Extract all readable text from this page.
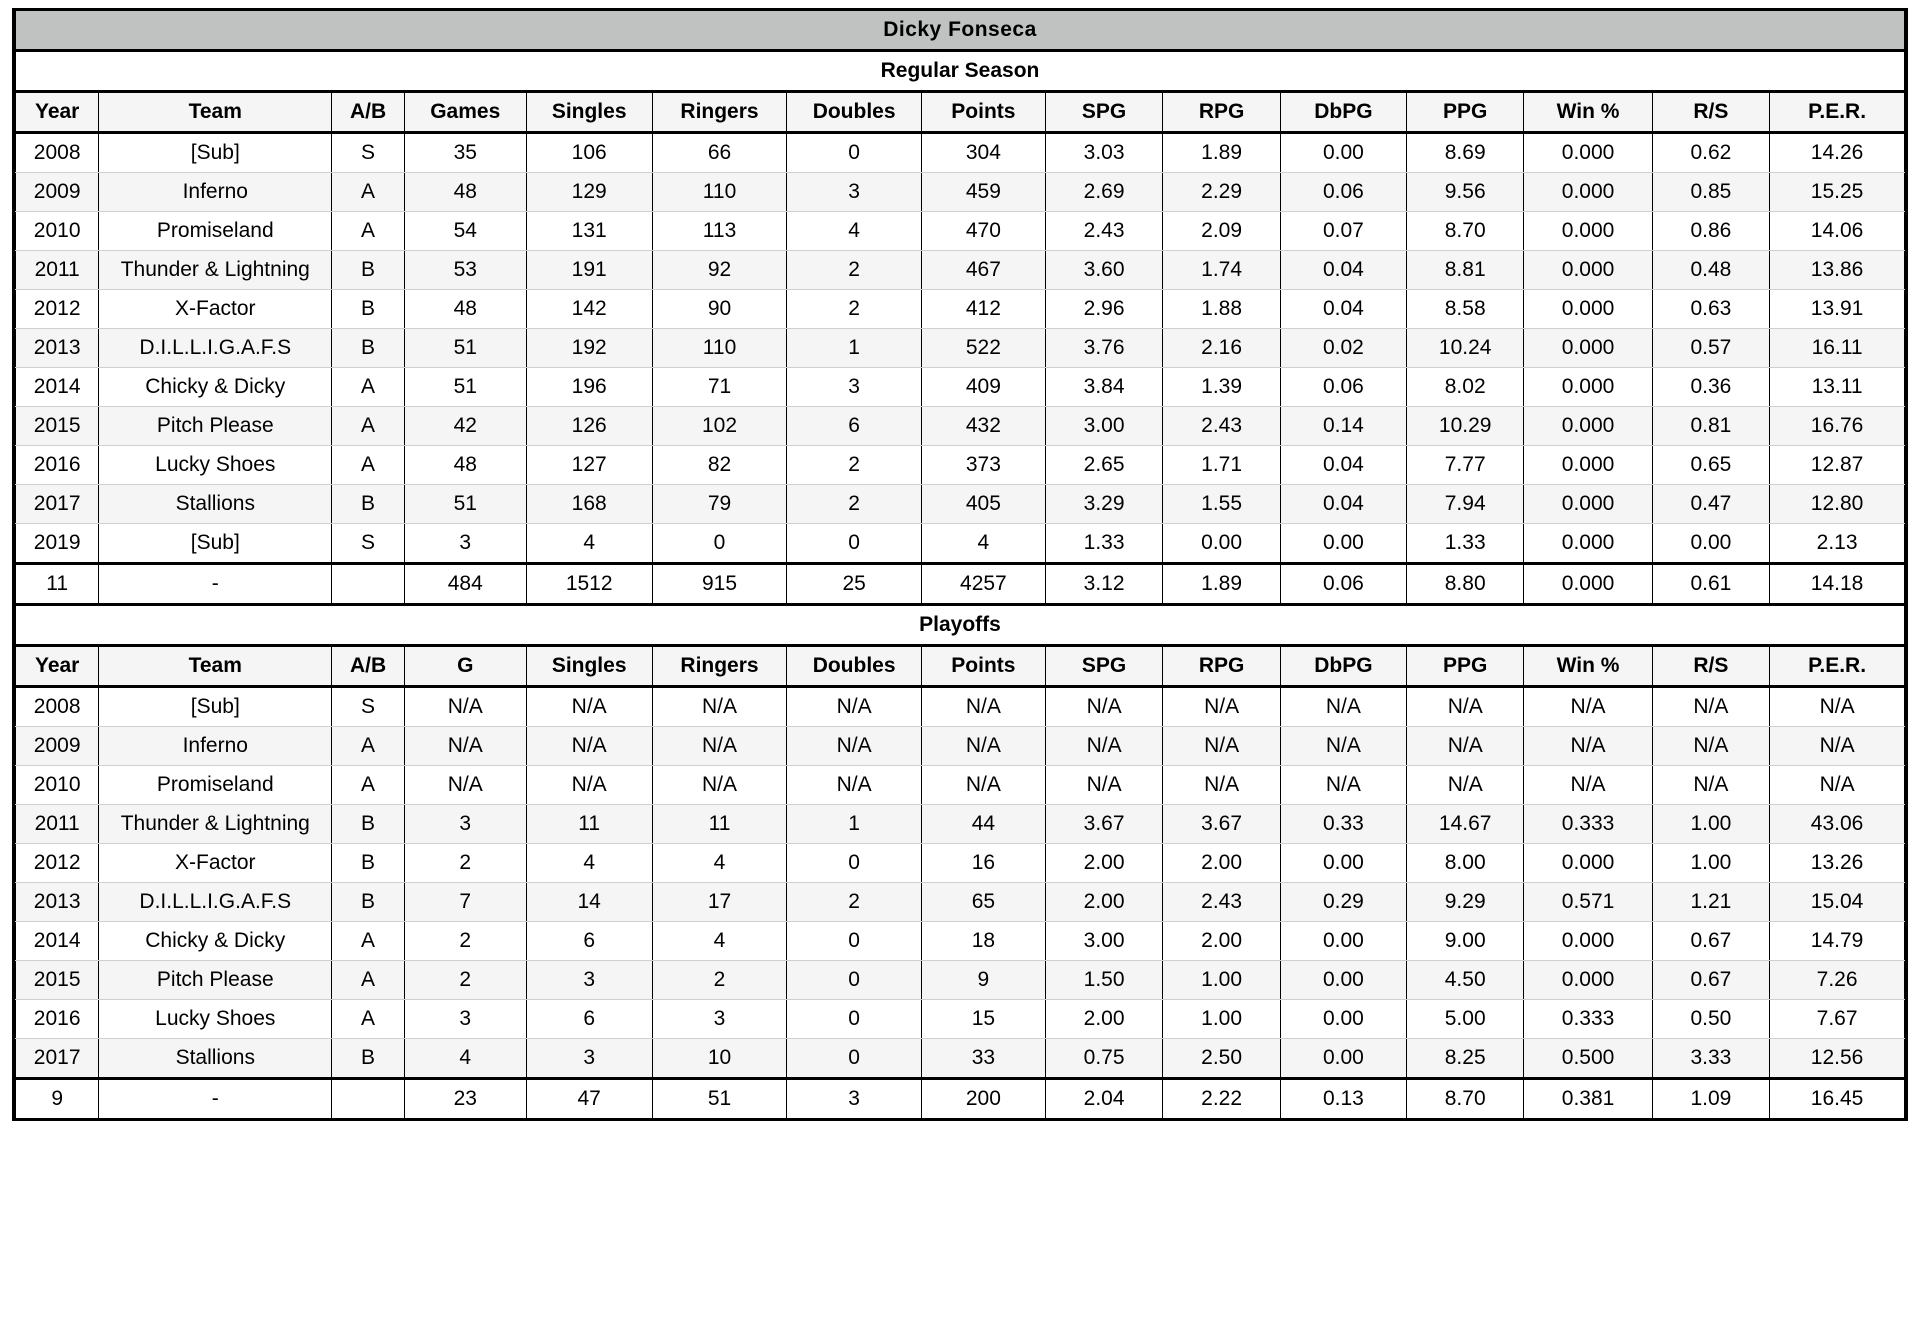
Dicky Fonseca														
Regular Season														
Year	Team	A/B	Games	Singles	Ringers	Doubles	Points	SPG	RPG	DbPG	PPG	Win %	R/S	P.E.R.
2008	[Sub]	S	35	106	66	0	304	3.03	1.89	0.00	8.69	0.000	0.62	14.26
2009	Inferno	A	48	129	110	3	459	2.69	2.29	0.06	9.56	0.000	0.85	15.25
2010	Promiseland	A	54	131	113	4	470	2.43	2.09	0.07	8.70	0.000	0.86	14.06
2011	Thunder & Lightning	B	53	191	92	2	467	3.60	1.74	0.04	8.81	0.000	0.48	13.86
2012	X-Factor	B	48	142	90	2	412	2.96	1.88	0.04	8.58	0.000	0.63	13.91
2013	D.I.L.L.I.G.A.F.S	B	51	192	110	1	522	3.76	2.16	0.02	10.24	0.000	0.57	16.11
2014	Chicky & Dicky	A	51	196	71	3	409	3.84	1.39	0.06	8.02	0.000	0.36	13.11
2015	Pitch Please	A	42	126	102	6	432	3.00	2.43	0.14	10.29	0.000	0.81	16.76
2016	Lucky Shoes	A	48	127	82	2	373	2.65	1.71	0.04	7.77	0.000	0.65	12.87
2017	Stallions	B	51	168	79	2	405	3.29	1.55	0.04	7.94	0.000	0.47	12.80
2019	[Sub]	S	3	4	0	0	4	1.33	0.00	0.00	1.33	0.000	0.00	2.13
11	-		484	1512	915	25	4257	3.12	1.89	0.06	8.80	0.000	0.61	14.18
Playoffs														
Year	Team	A/B	G	Singles	Ringers	Doubles	Points	SPG	RPG	DbPG	PPG	Win %	R/S	P.E.R.
2008	[Sub]	S	N/A	N/A	N/A	N/A	N/A	N/A	N/A	N/A	N/A	N/A	N/A	N/A
2009	Inferno	A	N/A	N/A	N/A	N/A	N/A	N/A	N/A	N/A	N/A	N/A	N/A	N/A
2010	Promiseland	A	N/A	N/A	N/A	N/A	N/A	N/A	N/A	N/A	N/A	N/A	N/A	N/A
2011	Thunder & Lightning	B	3	11	11	1	44	3.67	3.67	0.33	14.67	0.333	1.00	43.06
2012	X-Factor	B	2	4	4	0	16	2.00	2.00	0.00	8.00	0.000	1.00	13.26
2013	D.I.L.L.I.G.A.F.S	B	7	14	17	2	65	2.00	2.43	0.29	9.29	0.571	1.21	15.04
2014	Chicky & Dicky	A	2	6	4	0	18	3.00	2.00	0.00	9.00	0.000	0.67	14.79
2015	Pitch Please	A	2	3	2	0	9	1.50	1.00	0.00	4.50	0.000	0.67	7.26
2016	Lucky Shoes	A	3	6	3	0	15	2.00	1.00	0.00	5.00	0.333	0.50	7.67
2017	Stallions	B	4	3	10	0	33	0.75	2.50	0.00	8.25	0.500	3.33	12.56
9	-		23	47	51	3	200	2.04	2.22	0.13	8.70	0.381	1.09	16.45
